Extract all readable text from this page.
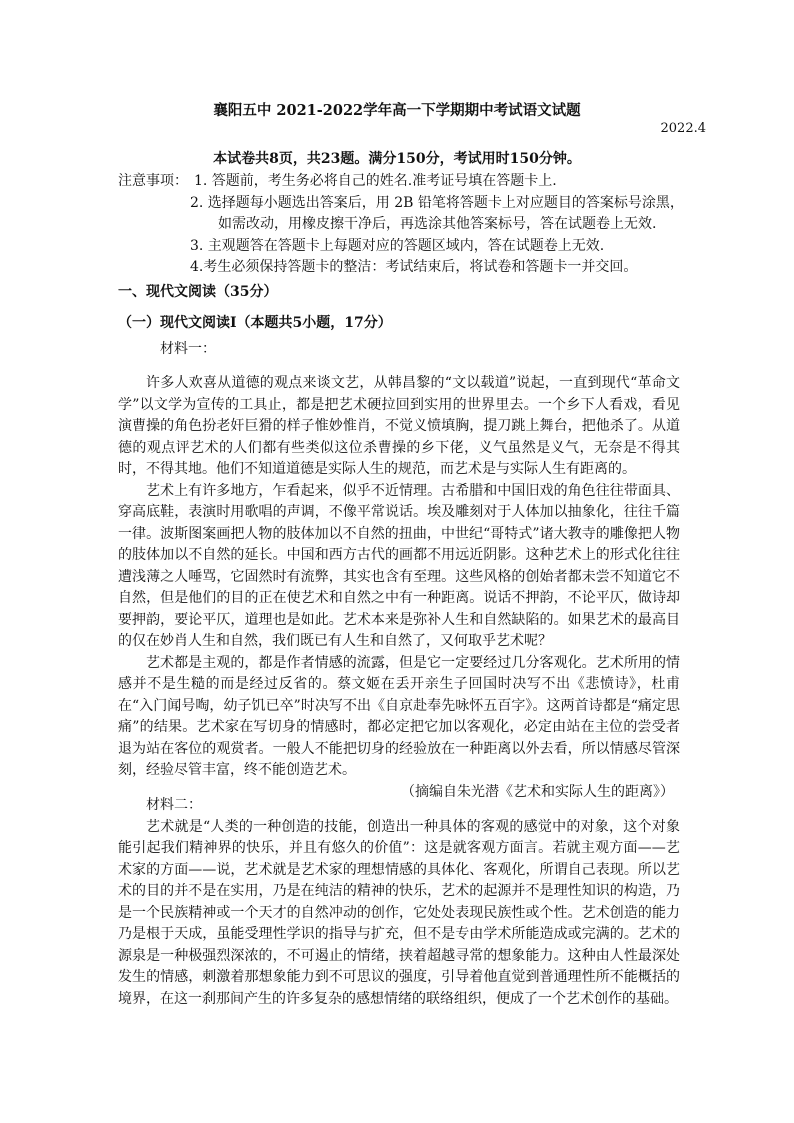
襄阳五中 2021-2022学年高一下学期期中考试语文试题
2022.4
本试卷共8页，共23题。满分150分，考试用时150分钟。
注意事项： 1. 答题前，考生务必将自己的姓名.准考证号填在答题卡上.
2. 选择题每小题选出答案后，用 2B 铅笔将答题卡上对应题目的答案标号涂黑，
如需改动，用橡皮擦干净后，再选涂其他答案标号，答在试题卷上无效.
3. 主观题答在答题卡上每题对应的答题区域内，答在试题卷上无效.
4.考生必须保持答题卡的整洁：考试结束后，将试卷和答题卡一并交回。
一、现代文阅读（35分）
（一）现代文阅读Ⅰ（本题共5小题，17分）
材料一：
许多人欢喜从道德的观点来谈文艺，从韩昌黎的“文以载道”说起，一直到现代“革命文学”以文学为宣传的工具止，都是把艺术硬拉回到实用的世界里去。一个乡下人看戏，看见演曹操的角色扮老奸巨猾的样子惟妙惟肖，不觉义愤填胸，提刀跳上舞台，把他杀了。从道德的观点评艺术的人们都有些类似这位杀曹操的乡下佬，义气虽然是义气，无奈是不得其时，不得其地。他们不知道道德是实际人生的规范，而艺术是与实际人生有距离的。
艺术上有许多地方，乍看起来，似乎不近情理。古希腊和中国旧戏的角色往往带面具、穿高底鞋，表演时用歌唱的声调，不像平常说话。埃及雕刻对于人体加以抽象化，往往千篇一律。波斯图案画把人物的肢体加以不自然的扭曲，中世纪“哥特式”诸大教寺的雕像把人物的肢体加以不自然的延长。中国和西方古代的画都不用远近阴影。这种艺术上的形式化往往遭浅薄之人唾骂，它固然时有流弊，其实也含有至理。这些风格的创始者都未尝不知道它不自然，但是他们的目的正在使艺术和自然之中有一种距离。说话不押韵，不论平仄，做诗却要押韵，要论平仄，道理也是如此。艺术本来是弥补人生和自然缺陷的。如果艺术的最高目的仅在妙肖人生和自然，我们既已有人生和自然了，又何取乎艺术呢？
艺术都是主观的，都是作者情感的流露，但是它一定要经过几分客观化。艺术所用的情感并不是生糙的而是经过反省的。蔡文姬在丢开亲生子回国时决写不出《悲愤诗》，杜甫在“入门闻号啕，幼子饥已卒”时决写不出《自京赴奉先咏怀五百字》。这两首诗都是“痛定思痛”的结果。艺术家在写切身的情感时，都必定把它加以客观化，必定由站在主位的尝受者退为站在客位的观赏者。一般人不能把切身的经验放在一种距离以外去看，所以情感尽管深刻，经验尽管丰富，终不能创造艺术。
（摘编自朱光潜《艺术和实际人生的距离》）
材料二：
艺术就是“人类的一种创造的技能，创造出一种具体的客观的感觉中的对象，这个对象能引起我们精神界的快乐，并且有悠久的价值”：这是就客观方面言。若就主观方面——艺术家的方面——说，艺术就是艺术家的理想情感的具体化、客观化，所谓自己表现。所以艺术的目的并不是在实用，乃是在纯洁的精神的快乐，艺术的起源并不是理性知识的构造，乃是一个民族精神或一个天才的自然冲动的创作，它处处表现民族性或个性。艺术创造的能力乃是根于天成，虽能受理性学识的指导与扩充，但不是专由学术所能造成或完满的。艺术的源泉是一种极强烈深浓的，不可遏止的情绪，挟着超越寻常的想象能力。这种由人性最深处发生的情感，刺激着那想象能力到不可思议的强度，引导着他直觉到普通理性所不能概括的境界，在这一刹那间产生的许多复杂的感想情绪的联络组织，便成了一个艺术创作的基础。
